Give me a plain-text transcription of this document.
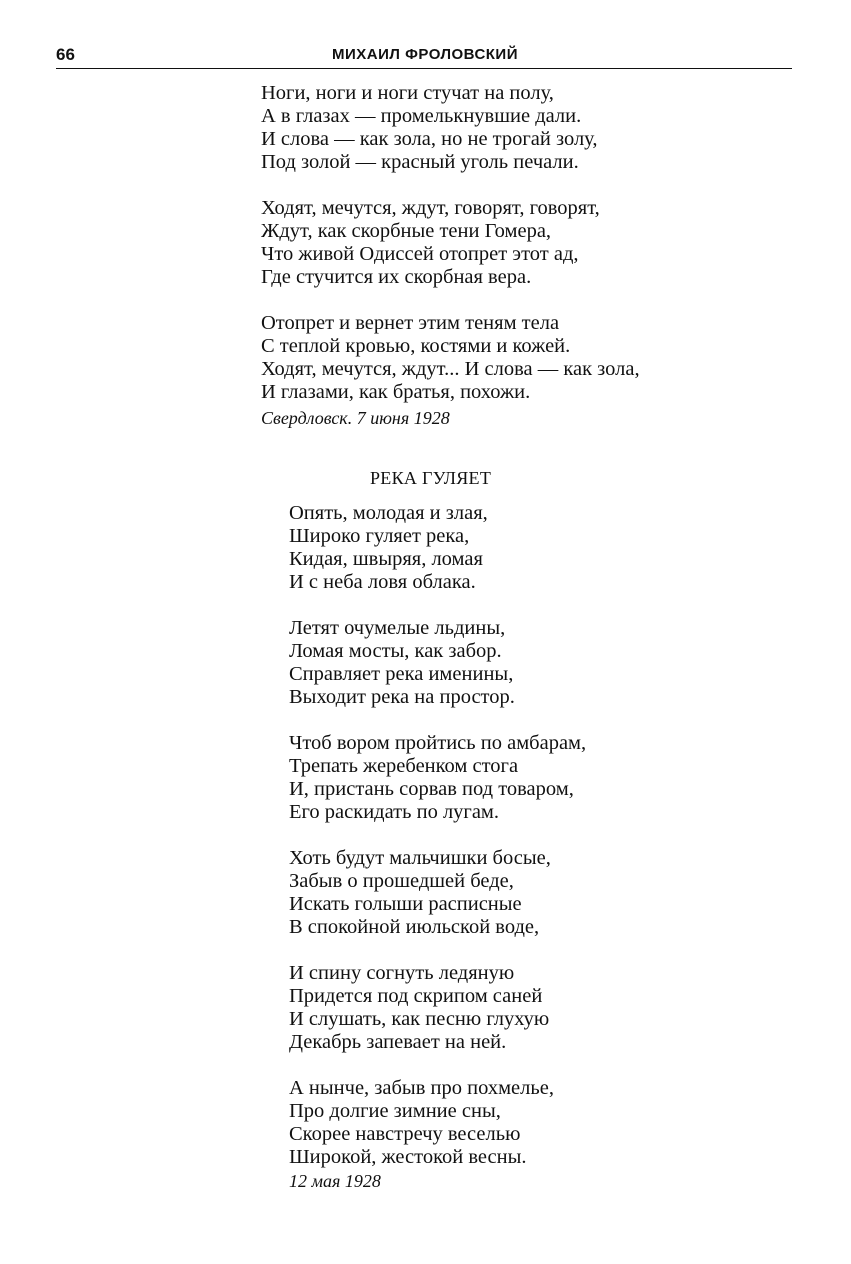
66	МИХАИЛ ФРОЛОВСКИЙ
Ноги, ноги и ноги стучат на полу,
А в глазах — промелькнувшие дали.
И слова — как зола, но не трогай золу,
Под золой — красный уголь печали.
Ходят, мечутся, ждут, говорят, говорят,
Ждут, как скорбные тени Гомера,
Что живой Одиссей отопрет этот ад,
Где стучится их скорбная вера.
Отопрет и вернет этим теням тела
С теплой кровью, костями и кожей.
Ходят, мечутся, ждут... И слова — как зола,
И глазами, как братья, похожи.
Свердловск. 7 июня 1928
РЕКА ГУЛЯЕТ
Опять, молодая и злая,
Широко гуляет река,
Кидая, швыряя, ломая
И с неба ловя облака.
Летят очумелые льдины,
Ломая мосты, как забор.
Справляет река именины,
Выходит река на простор.
Чтоб вором пройтись по амбарам,
Трепать жеребенком стога
И, пристань сорвав под товаром,
Его раскидать по лугам.
Хоть будут мальчишки босые,
Забыв о прошедшей беде,
Искать голыши расписные
В спокойной июльской воде,
И спину согнуть ледяную
Придется под скрипом саней
И слушать, как песню глухую
Декабрь запевает на ней.
А нынче, забыв про похмелье,
Про долгие зимние сны,
Скорее навстречу веселью
Широкой, жестокой весны.
12 мая 1928
